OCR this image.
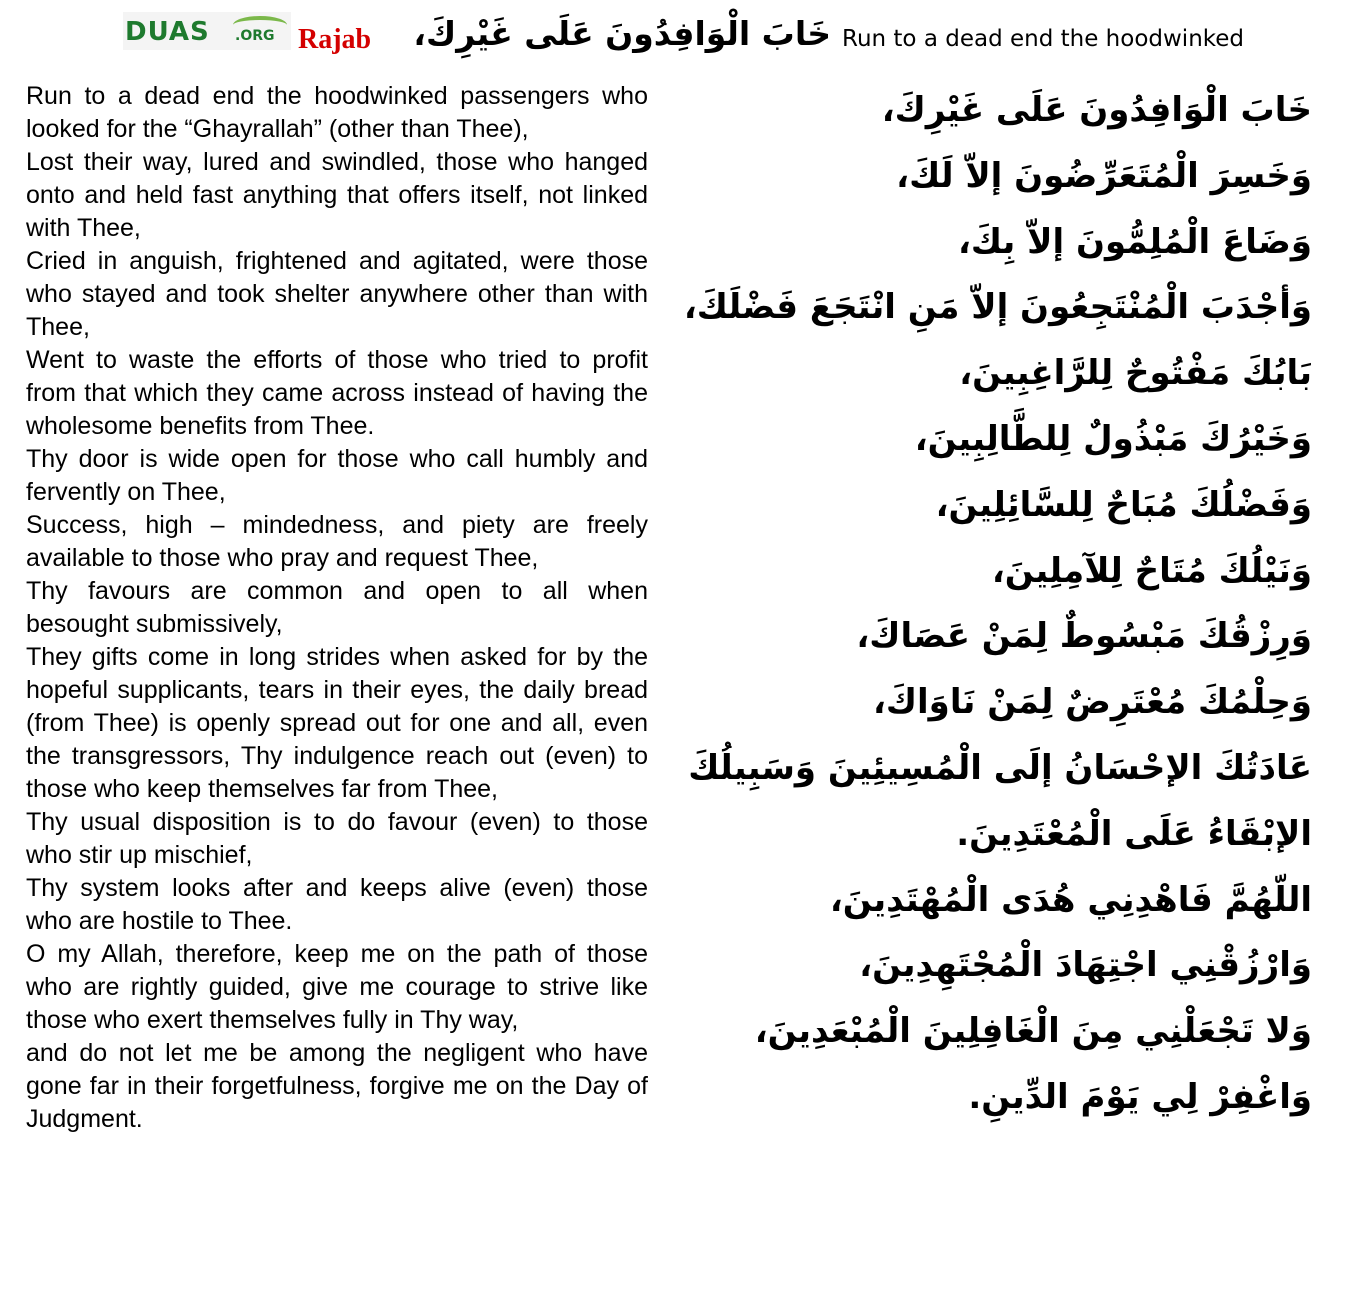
DUAS .ORG Rajab خَابَ الْوَافِدُونَ عَلَى غَيْرِكَ، Run to a dead end the hoodwinked

Run to a dead end the hoodwinked passengers who looked for the “Ghayrallah” (other than Thee),

Lost their way, lured and swindled, those who hanged onto and held fast anything that offers itself, not linked with Thee,

Cried in anguish, frightened and agitated, were those who stayed and took shelter anywhere other than with Thee,

Went to waste the efforts of those who tried to profit from that which they came across instead of having the wholesome benefits from Thee.

Thy door is wide open for those who call humbly and fervently on Thee,

Success, high – mindedness, and piety are freely available to those who pray and request Thee,

Thy favours are common and open to all when besought submissively,

They gifts come in long strides when asked for by the hopeful supplicants, tears in their eyes, the daily bread (from Thee) is openly spread out for one and all, even the transgressors, Thy indulgence reach out (even) to those who keep themselves far from Thee,

Thy usual disposition is to do favour (even) to those who stir up mischief,

Thy system looks after and keeps alive (even) those who are hostile to Thee.

O my Allah, therefore, keep me on the path of those who are rightly guided, give me courage to strive like those who exert themselves fully in Thy way,

and do not let me be among the negligent who have gone far in their forgetfulness, forgive me on the Day of Judgment.

خَابَ الْوَافِدُونَ عَلَى غَيْرِكَ،
وَخَسِرَ الْمُتَعَرِّضُونَ إلاّ لَكَ،
وَضَاعَ الْمُلِمُّونَ إلاّ بِكَ،
وَأجْدَبَ الْمُنْتَجِعُونَ إلاّ مَنِ انْتَجَعَ فَضْلَكَ،
بَابُكَ مَفْتُوحٌ لِلرَّاغِبِينَ،
وَخَيْرُكَ مَبْذُولٌ لِلطَّالِبِينَ،
وَفَضْلُكَ مُبَاحٌ لِلسَّائِلِينَ،
وَنَيْلُكَ مُتَاحٌ لِلآمِلِينَ،
وَرِزْقُكَ مَبْسُوطٌ لِمَنْ عَصَاكَ،
وَحِلْمُكَ مُعْتَرِضٌ لِمَنْ نَاوَاكَ،
عَادَتُكَ الإحْسَانُ إلَى الْمُسِيئِينَ وَسَبِيلُكَ
الإبْقَاءُ عَلَى الْمُعْتَدِينَ.
اللّهُمَّ فَاهْدِنِي هُدَى الْمُهْتَدِينَ،
وَارْزُقْنِي اجْتِهَادَ الْمُجْتَهِدِينَ،
وَلا تَجْعَلْنِي مِنَ الْغَافِلِينَ الْمُبْعَدِينَ،
وَاغْفِرْ لِي يَوْمَ الدِّينِ.
